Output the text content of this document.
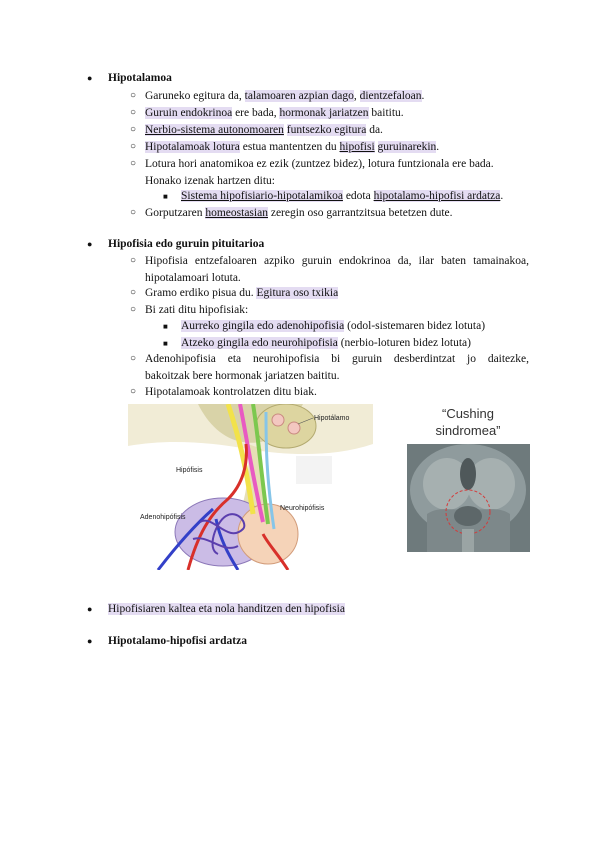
● Hipotalamoa
○ Garuneko egitura da, talamoaren azpian dago, dientzefaloan.
○ Guruin endokrinoa ere bada, hormonak jariatzen baititu.
○ Nerbio-sistema autonomoaren funtsezko egitura da.
○ Hipotalamoak lotura estua mantentzen du hipofisi guruinarekin.
○ Lotura hori anatomikoa ez ezik (zuntzez bidez), lotura funtzionala ere bada.
Honako izenak hartzen ditu:
■ Sistema hipofisiario-hipotalamikoa edota hipotalamo-hipofisi ardatza.
○ Gorputzaren homeostasian zeregin oso garrantzitsua betetzen dute.
● Hipofisia edo guruin pituitarioa
○ Hipofisia entzefaloaren azpiko guruin endokrinoa da, ilar baten tamainakoa,
hipotalamoari lotuta.
○ Gramo erdiko pisua du. Egitura oso txikia
○ Bi zati ditu hipofisiak:
■ Aurreko gingila edo adenohipofisia (odol-sistemaren bidez lotuta)
■ Atzeko gingila edo neurohipofisia (nerbio-loturen bidez lotuta)
○ Adenohipofisia eta neurohipofisia bi guruin desberdintzat jo daitezke,
bakoitzak bere hormonak jariatzen baititu.
○ Hipotalamoak kontrolatzen ditu biak.
Hipotálamo
Hipófisis
Adenohipófisis
Neurohipófisis
“Cushing
sindromea”
● Hipofisiaren kaltea eta nola handitzen den hipofisia
● Hipotalamo-hipofisi ardatza
